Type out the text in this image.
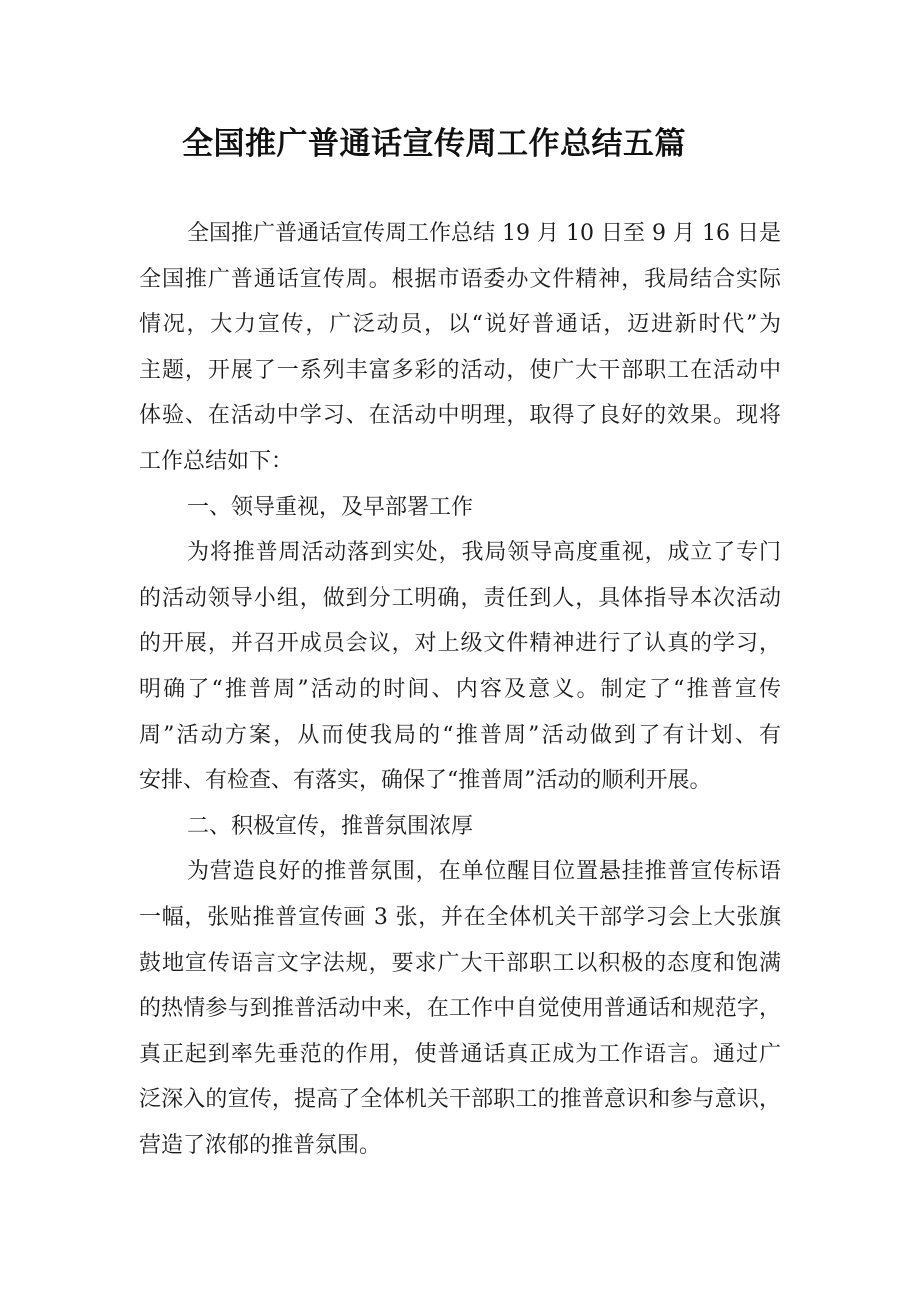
全国推广普通话宣传周工作总结五篇
全国推广普通话宣传周工作总结 19 月 10 日至 9 月 16 日是
全国推广普通话宣传周。根据市语委办文件精神，我局结合实际
情况，大力宣传，广泛动员，以“说好普通话，迈进新时代”为
主题，开展了一系列丰富多彩的活动，使广大干部职工在活动中
体验、在活动中学习、在活动中明理，取得了良好的效果。现将
工作总结如下：
一、领导重视，及早部署工作
为将推普周活动落到实处，我局领导高度重视，成立了专门
的活动领导小组，做到分工明确，责任到人，具体指导本次活动
的开展，并召开成员会议，对上级文件精神进行了认真的学习，
明确了“推普周”活动的时间、内容及意义。制定了“推普宣传
周”活动方案，从而使我局的“推普周”活动做到了有计划、有
安排、有检查、有落实，确保了“推普周”活动的顺利开展。
二、积极宣传，推普氛围浓厚
为营造良好的推普氛围，在单位醒目位置悬挂推普宣传标语
一幅，张贴推普宣传画 3 张，并在全体机关干部学习会上大张旗
鼓地宣传语言文字法规，要求广大干部职工以积极的态度和饱满
的热情参与到推普活动中来，在工作中自觉使用普通话和规范字，
真正起到率先垂范的作用，使普通话真正成为工作语言。通过广
泛深入的宣传，提高了全体机关干部职工的推普意识和参与意识，
营造了浓郁的推普氛围。
